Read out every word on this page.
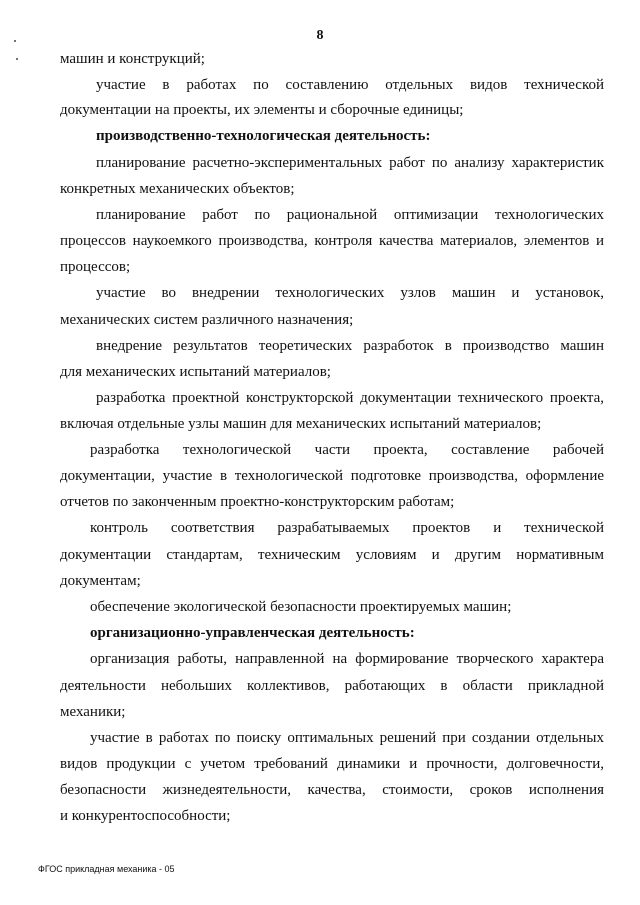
8
машин и конструкций;
участие в работах по составлению отдельных видов технической
документации на проекты, их элементы и сборочные единицы;
производственно-технологическая деятельность:
планирование расчетно-экспериментальных работ по анализу характеристик
конкретных механических объектов;
планирование работ по рациональной оптимизации технологических
процессов наукоемкого производства, контроля качества материалов, элементов и
процессов;
участие во внедрении технологических узлов машин и установок,
механических систем различного назначения;
внедрение результатов теоретических разработок в производство машин
для механических испытаний материалов;
разработка проектной конструкторской документации технического проекта,
включая отдельные узлы машин для механических испытаний материалов;
разработка технологической части проекта, составление рабочей
документации, участие в технологической подготовке производства, оформление
отчетов по законченным проектно-конструкторским работам;
контроль соответствия разрабатываемых проектов и технической
документации стандартам, техническим условиям и другим нормативным
документам;
обеспечение экологической безопасности проектируемых машин;
организационно-управленческая деятельность:
организация работы, направленной на формирование творческого характера
деятельности небольших коллективов, работающих в области прикладной
механики;
участие в работах по поиску оптимальных решений при создании отдельных
видов продукции с учетом требований динамики и прочности, долговечности,
безопасности жизнедеятельности, качества, стоимости, сроков исполнения
и конкурентоспособности;
ФГОС прикладная механика - 05
